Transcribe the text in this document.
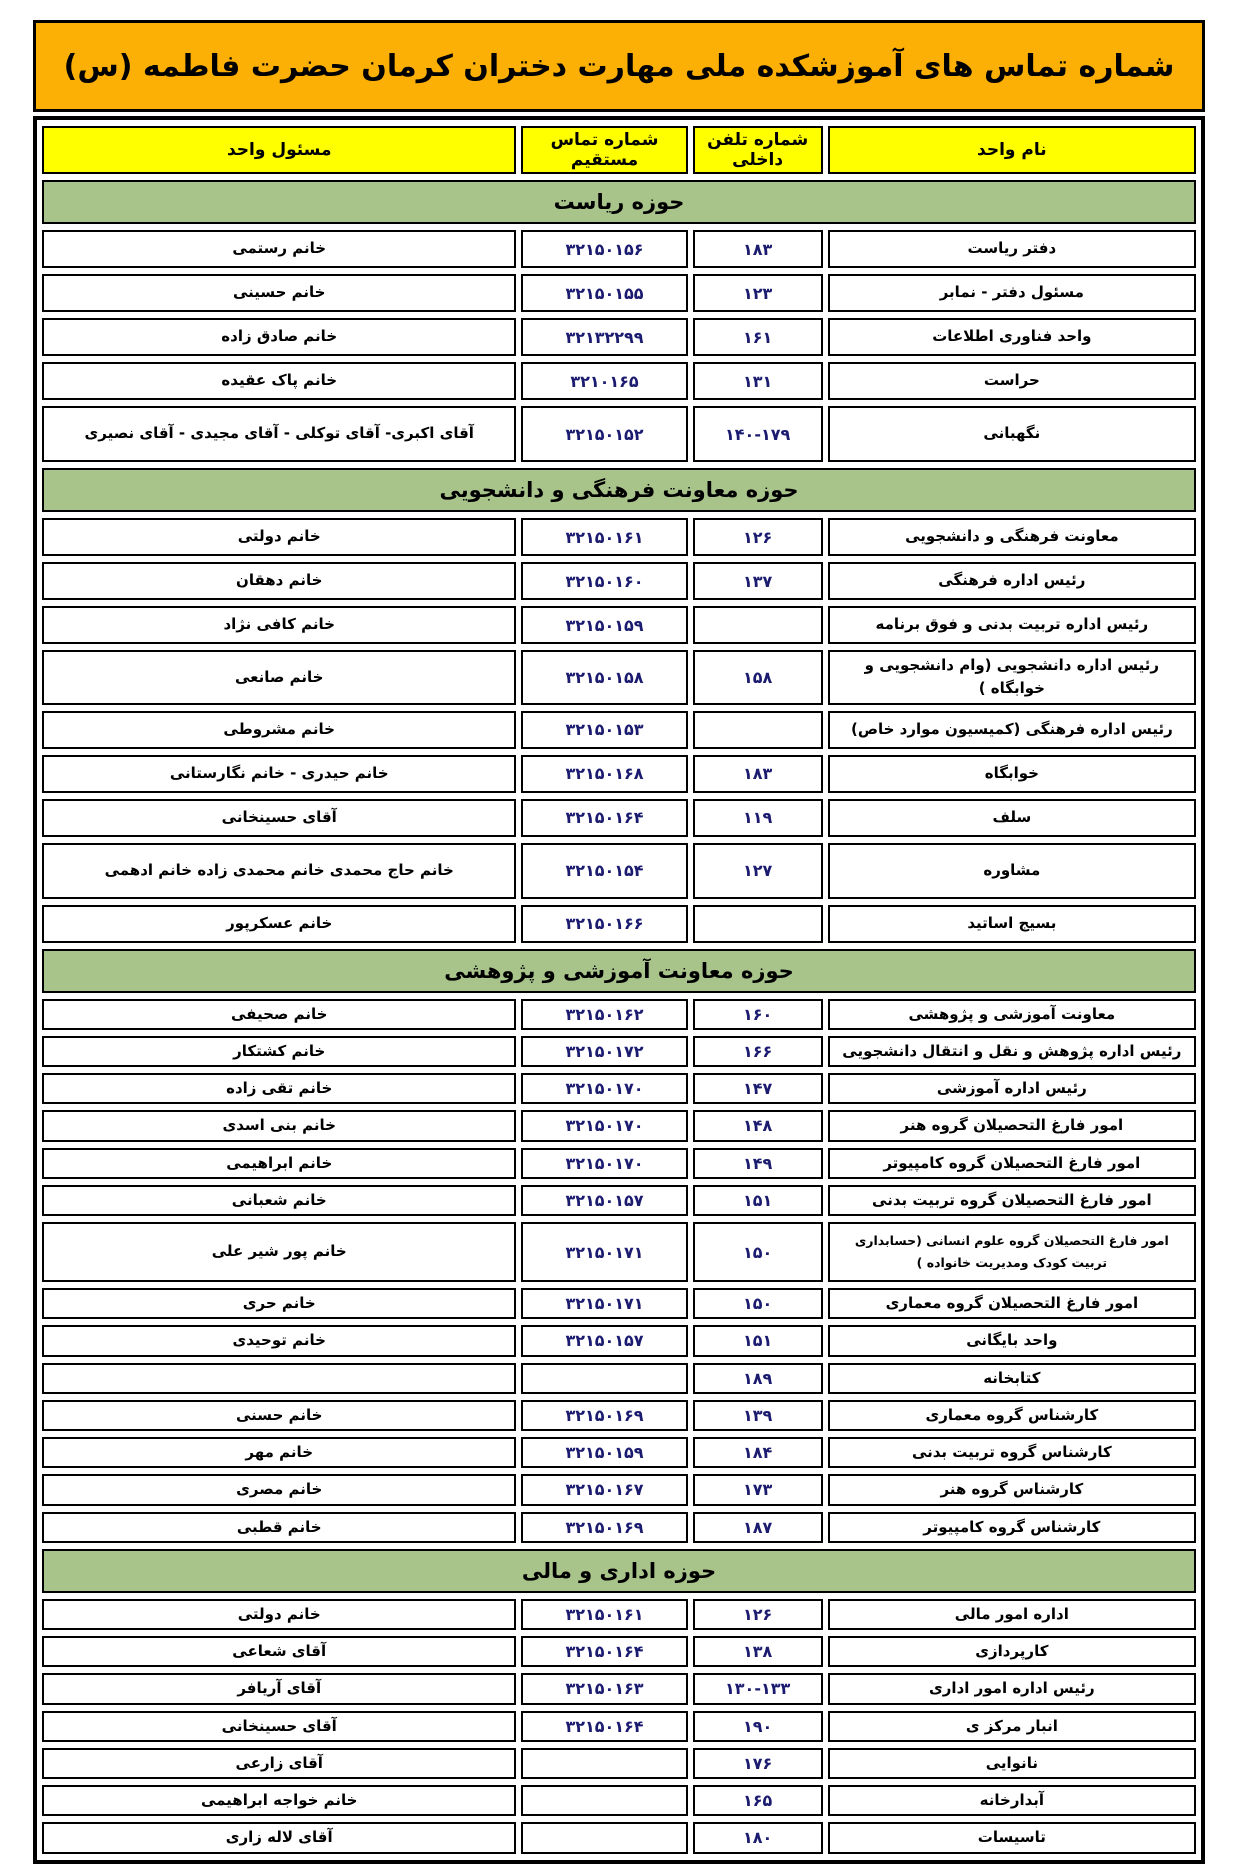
شماره تماس های آموزشکده ملی مهارت دختران کرمان حضرت فاطمه (س)
نام واحد	شماره تلفن داخلی	شماره تماس مستقیم	مسئول واحد
حوزه ریاست			
دفتر ریاست	۱۸۳	۳۲۱۵۰۱۵۶	خانم رستمی
مسئول دفتر - نمابر	۱۲۳	۳۲۱۵۰۱۵۵	خانم حسینی
واحد فناوری اطلاعات	۱۶۱	۳۲۱۳۲۲۹۹	خانم صادق زاده
حراست	۱۳۱	۳۲۱۰۱۶۵	خانم پاک عقیده
نگهبانی	۱۴۰-۱۷۹	۳۲۱۵۰۱۵۲	آقای اکبری- آقای توکلی - آقای مجیدی - آقای نصیری
حوزه معاونت فرهنگی و دانشجویی			
معاونت فرهنگی و دانشجویی	۱۲۶	۳۲۱۵۰۱۶۱	خانم دولتی
رئیس اداره فرهنگی	۱۳۷	۳۲۱۵۰۱۶۰	خانم دهقان
رئیس اداره تربیت بدنی و فوق برنامه		۳۲۱۵۰۱۵۹	خانم کافی نژاد
رئیس اداره دانشجویی (وام دانشجویی و خوابگاه )	۱۵۸	۳۲۱۵۰۱۵۸	خانم صانعی
رئیس اداره فرهنگی (کمیسیون موارد خاص)		۳۲۱۵۰۱۵۳	خانم مشروطی
خوابگاه	۱۸۳	۳۲۱۵۰۱۶۸	خانم حیدری - خانم نگارستانی
سلف	۱۱۹	۳۲۱۵۰۱۶۴	آقای حسینخانی
مشاوره	۱۲۷	۳۲۱۵۰۱۵۴	خانم حاج محمدی خانم محمدی زاده خانم ادهمی
بسیج اساتید		۳۲۱۵۰۱۶۶	خانم عسکرپور
حوزه معاونت آموزشی و پژوهشی			
معاونت آموزشی و پژوهشی	۱۶۰	۳۲۱۵۰۱۶۲	خانم صحیفی
رئیس اداره پژوهش و نقل و انتقال دانشجویی	۱۶۶	۳۲۱۵۰۱۷۲	خانم کشتکار
رئیس اداره آموزشی	۱۴۷	۳۲۱۵۰۱۷۰	خانم تقی زاده
امور فارغ التحصیلان گروه هنر	۱۴۸	۳۲۱۵۰۱۷۰	خانم بنی اسدی
امور فارغ التحصیلان گروه کامپیوتر	۱۴۹	۳۲۱۵۰۱۷۰	خانم ابراهیمی
امور فارغ التحصیلان گروه تربیت بدنی	۱۵۱	۳۲۱۵۰۱۵۷	خانم شعبانی
امور فارغ التحصیلان گروه علوم انسانی (حسابداری تربیت کودک ومدیریت خانواده )	۱۵۰	۳۲۱۵۰۱۷۱	خانم پور شیر علی
امور فارغ التحصیلان گروه معماری	۱۵۰	۳۲۱۵۰۱۷۱	خانم حری
واحد بایگانی	۱۵۱	۳۲۱۵۰۱۵۷	خانم توحیدی
کتابخانه	۱۸۹		
کارشناس گروه معماری	۱۳۹	۳۲۱۵۰۱۶۹	خانم حسنی
کارشناس گروه تربیت بدنی	۱۸۴	۳۲۱۵۰۱۵۹	خانم مهر
کارشناس گروه هنر	۱۷۳	۳۲۱۵۰۱۶۷	خانم مصری
کارشناس گروه کامپیوتر	۱۸۷	۳۲۱۵۰۱۶۹	خانم قطبی
حوزه اداری و مالی			
اداره امور مالی	۱۲۶	۳۲۱۵۰۱۶۱	خانم دولتی
کارپردازی	۱۳۸	۳۲۱۵۰۱۶۴	آقای شعاعی
رئیس اداره امور اداری	۱۳۰-۱۳۳	۳۲۱۵۰۱۶۳	آقای آریافر
انبار مرکز ی	۱۹۰	۳۲۱۵۰۱۶۴	آقای حسینخانی
نانوایی	۱۷۶		آقای زارعی
آبدارخانه	۱۶۵		خانم خواجه ابراهیمی
تاسیسات	۱۸۰		آقای لاله زاری
